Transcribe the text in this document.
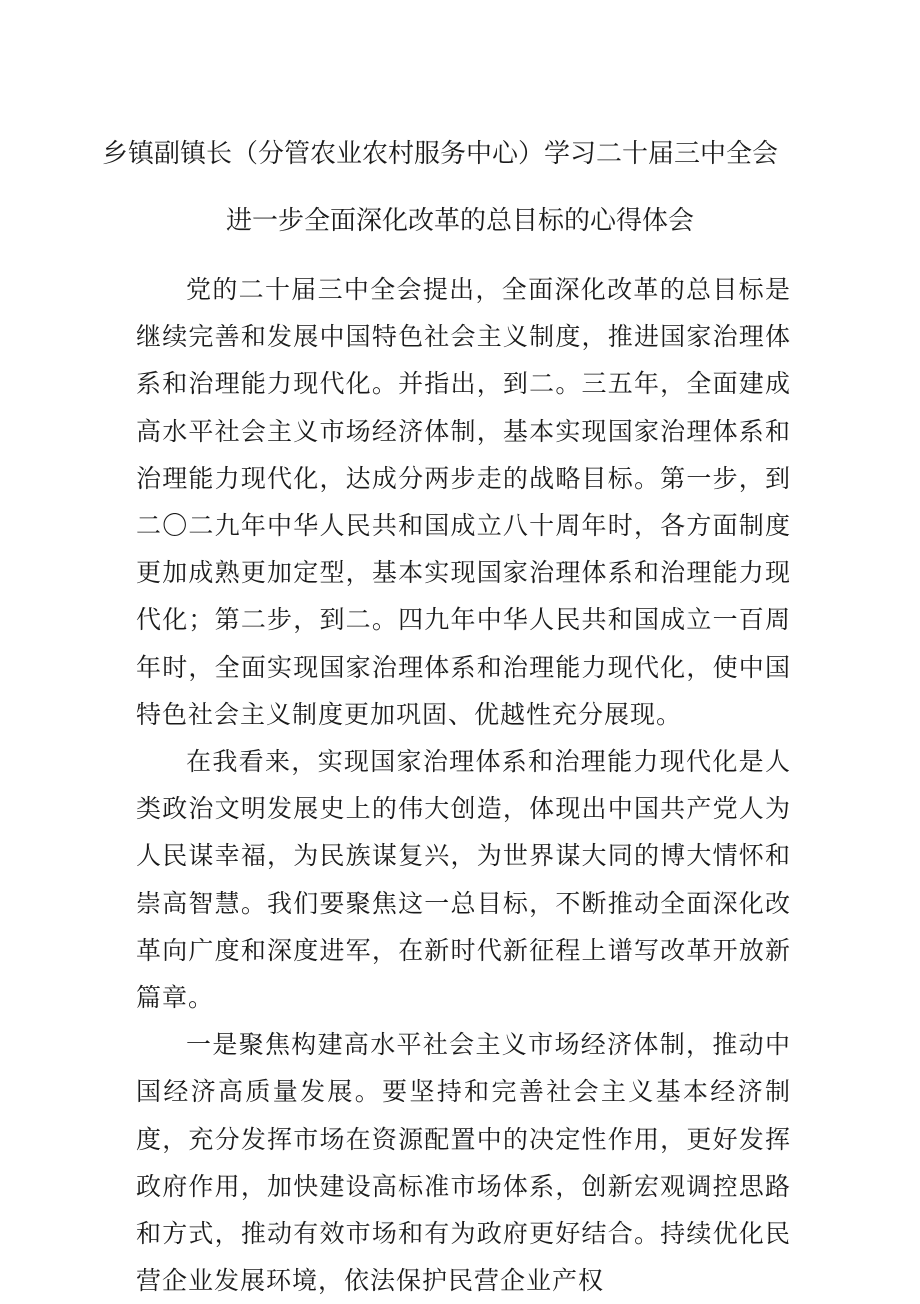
乡镇副镇长（分管农业农村服务中心）学习二十届三中全会
进一步全面深化改革的总目标的心得体会

党的二十届三中全会提出，全面深化改革的总目标是继续完善和发展中国特色社会主义制度，推进国家治理体系和治理能力现代化。并指出，到二。三五年，全面建成高水平社会主义市场经济体制，基本实现国家治理体系和治理能力现代化，达成分两步走的战略目标。第一步，到二〇二九年中华人民共和国成立八十周年时，各方面制度更加成熟更加定型，基本实现国家治理体系和治理能力现代化；第二步，到二。四九年中华人民共和国成立一百周年时，全面实现国家治理体系和治理能力现代化，使中国特色社会主义制度更加巩固、优越性充分展现。

在我看来，实现国家治理体系和治理能力现代化是人类政治文明发展史上的伟大创造，体现出中国共产党人为人民谋幸福，为民族谋复兴，为世界谋大同的博大情怀和崇高智慧。我们要聚焦这一总目标，不断推动全面深化改革向广度和深度进军，在新时代新征程上谱写改革开放新篇章。

一是聚焦构建高水平社会主义市场经济体制，推动中国经济高质量发展。要坚持和完善社会主义基本经济制度，充分发挥市场在资源配置中的决定性作用，更好发挥政府作用，加快建设高标准市场体系，创新宏观调控思路和方式，推动有效市场和有为政府更好结合。持续优化民营企业发展环境，依法保护民营企业产权
